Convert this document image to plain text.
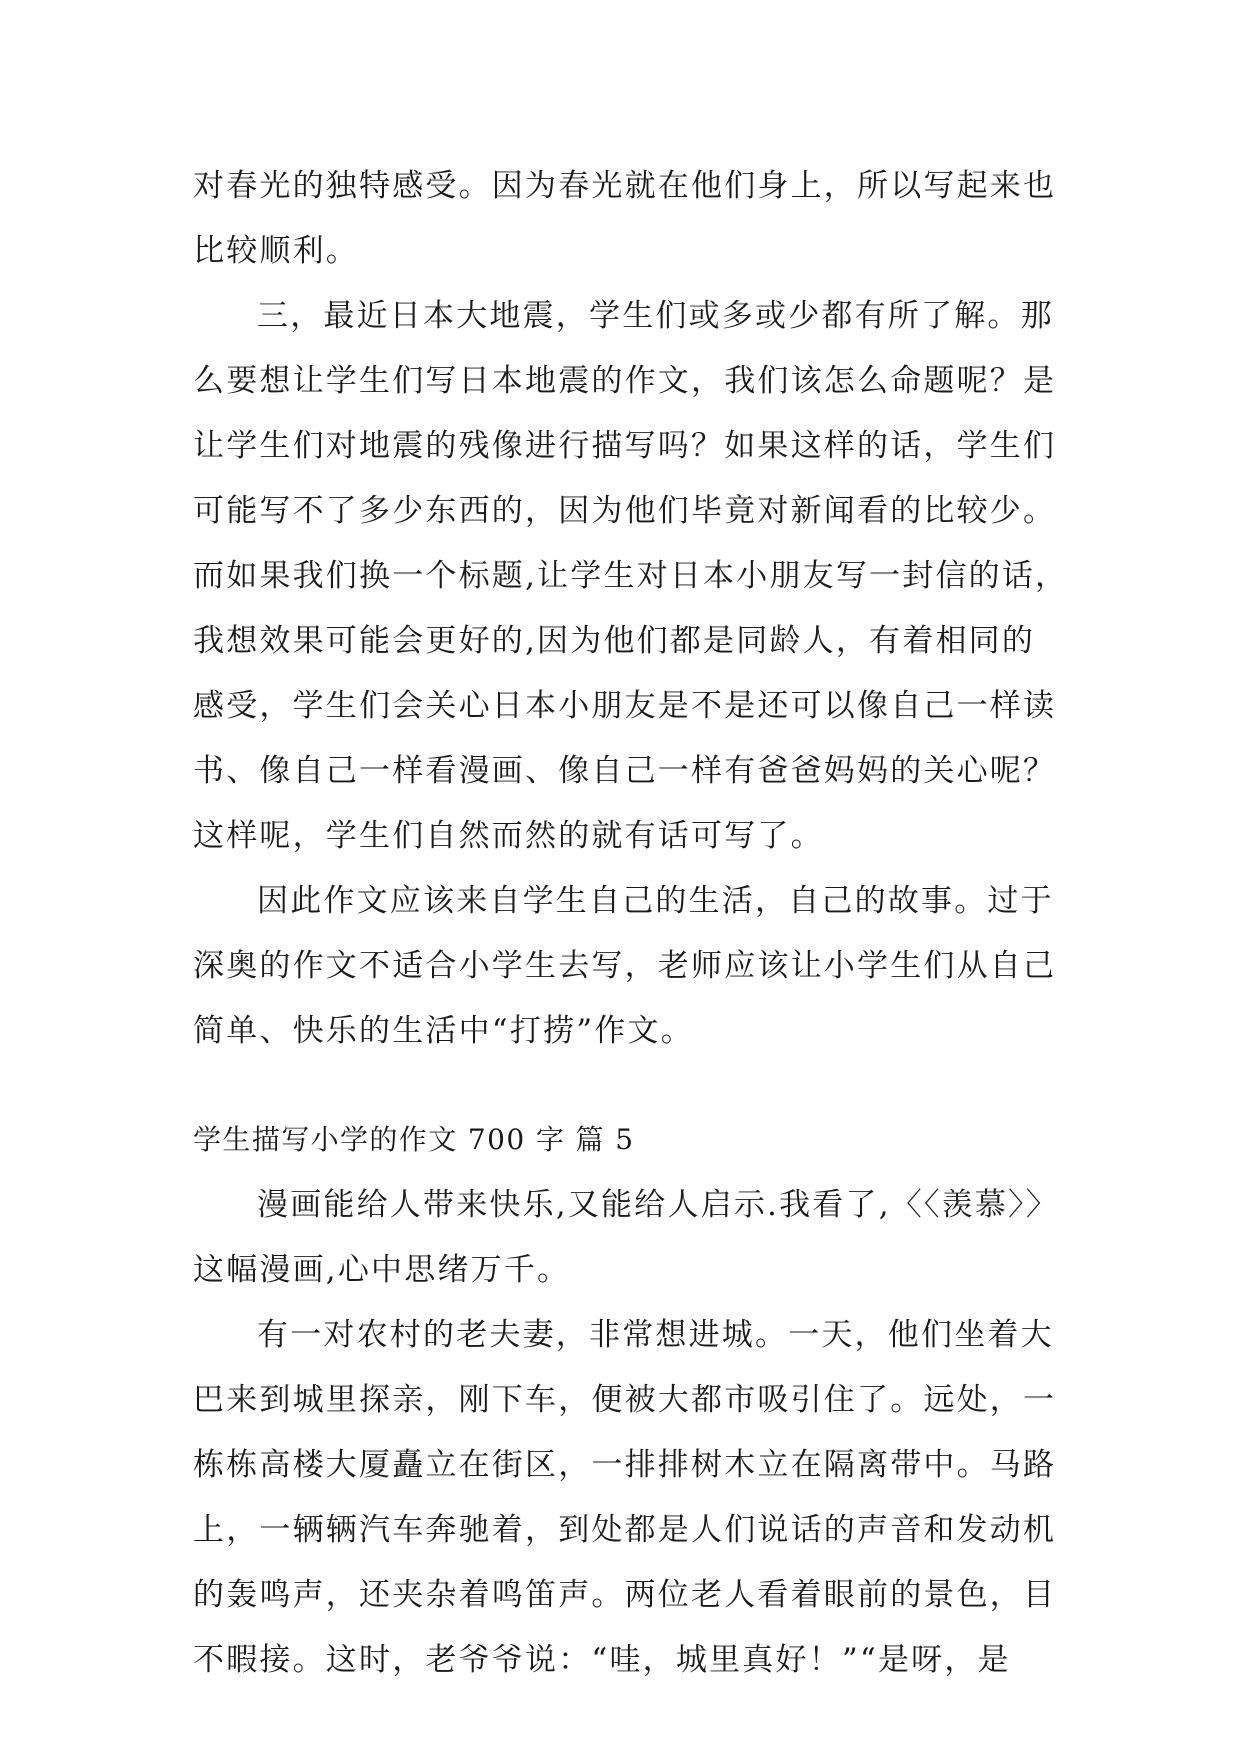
对春光的独特感受。因为春光就在他们身上，所以写起来也
比较顺利。
三，最近日本大地震，学生们或多或少都有所了解。那
么要想让学生们写日本地震的作文，我们该怎么命题呢？是
让学生们对地震的残像进行描写吗？如果这样的话，学生们
可能写不了多少东西的，因为他们毕竟对新闻看的比较少。
而如果我们换一个标题,让学生对日本小朋友写一封信的话，
我想效果可能会更好的,因为他们都是同龄人，有着相同的
感受，学生们会关心日本小朋友是不是还可以像自己一样读
书、像自己一样看漫画、像自己一样有爸爸妈妈的关心呢？
这样呢，学生们自然而然的就有话可写了。
因此作文应该来自学生自己的生活，自己的故事。过于
深奥的作文不适合小学生去写，老师应该让小学生们从自己
简单、快乐的生活中“打捞”作文。
学生描写小学的作文 700 字 篇 5
漫画能给人带来快乐,又能给人启示.我看了,〈〈羡慕〉〉
这幅漫画,心中思绪万千。
有一对农村的老夫妻，非常想进城。一天，他们坐着大
巴来到城里探亲，刚下车，便被大都市吸引住了。远处，一
栋栋高楼大厦矗立在街区，一排排树木立在隔离带中。马路
上，一辆辆汽车奔驰着，到处都是人们说话的声音和发动机
的轰鸣声，还夹杂着鸣笛声。两位老人看着眼前的景色，目
不暇接。这时，老爷爷说：“哇，城里真好！”“是呀，是
